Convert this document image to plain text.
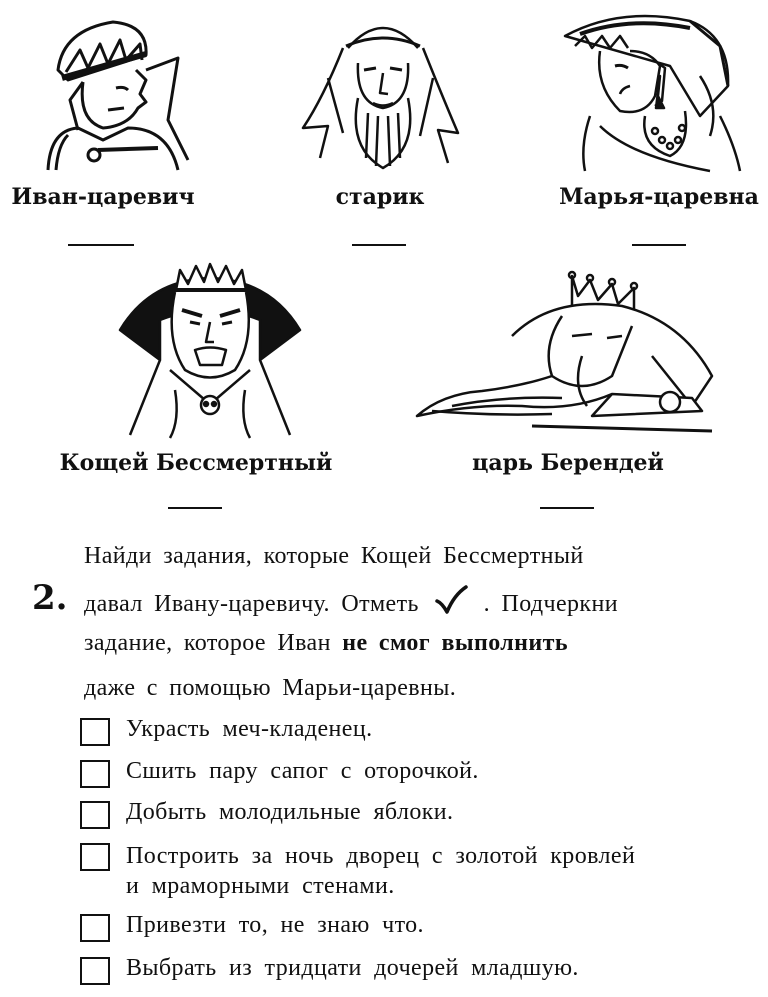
Иван-царевич	старик	Марья-царевна
Кощей Бессмертный	царь Берендей
2.
Найди задания, которые Кощей Бессмертный
давал Ивану-царевичу. Отметь	. Подчеркни
задание, которое Иван не смог выполнить
даже с помощью Марьи-царевны.
Украсть меч-кладенец.
Сшить пару сапог с оторочкой.
Добыть молодильные яблоки.
Построить за ночь дворец с золотой кровлей
и мраморными стенами.
Привезти то, не знаю что.
Выбрать из тридцати дочерей младшую.
